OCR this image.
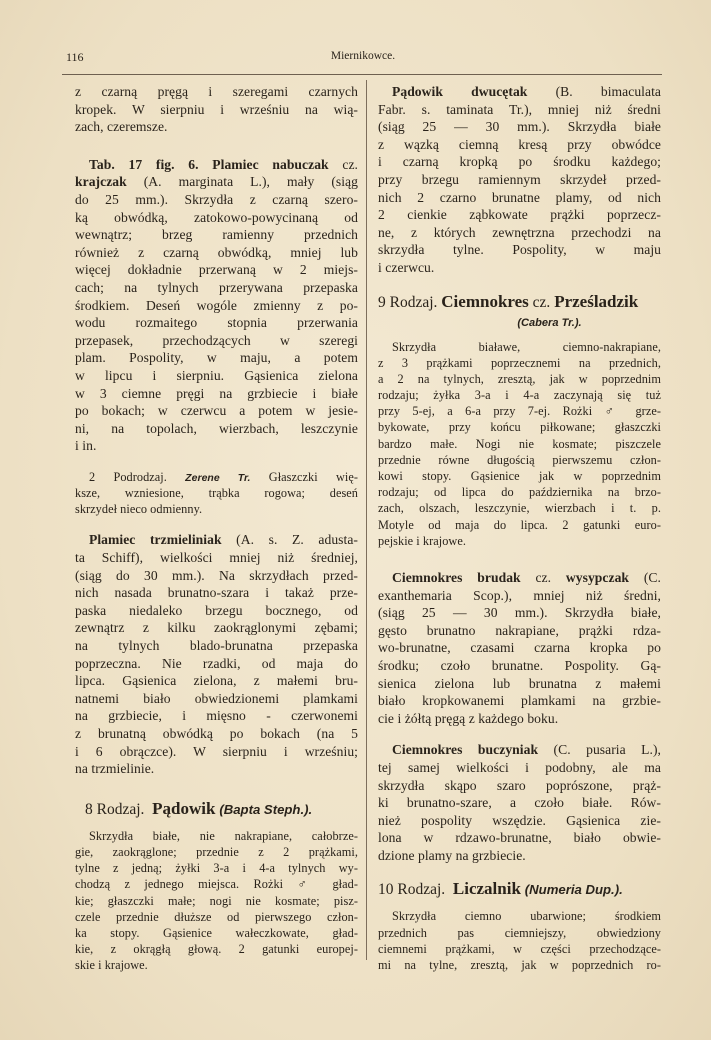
116	Miernikowce.
z czarną pręgą i szeregami czarnych
kropek. W sierpniu i wrześniu na wią-
zach, czeremsze.
Tab. 17 fig. 6. Plamiec nabuczak cz.
krajczak (A. marginata L.), mały (siąg
do 25 mm.). Skrzydła z czarną szero-
ką obwódką, zatokowo-powycinaną od
wewnątrz; brzeg ramienny przednich
również z czarną obwódką, mniej lub
więcej dokładnie przerwaną w 2 miejs-
cach; na tylnych przerywana przepaska
środkiem. Deseń wogóle zmienny z po-
wodu rozmaitego stopnia przerwania
przepasek, przechodzących w szeregi
plam. Pospolity, w maju, a potem
w lipcu i sierpniu. Gąsienica zielona
w 3 ciemne pręgi na grzbiecie i białe
po bokach; w czerwcu a potem w jesie-
ni, na topolach, wierzbach, leszczynie
i in.
2 Podrodzaj. Zerene Tr. Głaszczki wię-
ksze, wzniesione, trąbka rogowa; deseń
skrzydeł nieco odmienny.
Plamiec trzmieliniak (A. s. Z. adusta-
ta Schiff), wielkości mniej niż średniej,
(siąg do 30 mm.). Na skrzydłach przed-
nich nasada brunatno-szara i takaż prze-
paska niedaleko brzegu bocznego, od
zewnątrz z kilku zaokrąglonymi zębami;
na tylnych blado-brunatna przepaska
poprzeczna. Nie rzadki, od maja do
lipca. Gąsienica zielona, z małemi bru-
natnemi biało obwiedzionemi plamkami
na grzbiecie, i mięsno - czerwonemi
z brunatną obwódką po bokach (na 5
i 6 obrączce). W sierpniu i wrześniu;
na trzmielinie.
8 Rodzaj. Pądowik (Bapta Steph.).
Skrzydła białe, nie nakrapiane, całobrze-
gie, zaokrąglone; przednie z 2 prążkami,
tylne z jedną; żyłki 3-a i 4-a tylnych wy-
chodzą z jednego miejsca. Rożki ♂ gład-
kie; głaszczki małe; nogi nie kosmate; pisz-
czele przednie dłuższe od pierwszego człon-
ka stopy. Gąsienice wałeczkowate, gład-
kie, z okrągłą głową. 2 gatunki europej-
skie i krajowe.
Pądowik dwucętak (B. bimaculata
Fabr. s. taminata Tr.), mniej niż średni
(siąg 25 — 30 mm.). Skrzydła białe
z wązką ciemną kresą przy obwódce
i czarną kropką po środku każdego;
przy brzegu ramiennym skrzydeł przed-
nich 2 czarno brunatne plamy, od nich
2 cienkie ząbkowate prążki poprzecz-
ne, z których zewnętrzna przechodzi na
skrzydła tylne. Pospolity, w maju
i czerwcu.
9 Rodzaj. Ciemnokres cz. Prześladzik
(Cabera Tr.).
Skrzydła białawe, ciemno-nakrapiane,
z 3 prążkami poprzecznemi na przednich,
a 2 na tylnych, zresztą, jak w poprzednim
rodzaju; żyłka 3-a i 4-a zaczynają się tuż
przy 5-ej, a 6-a przy 7-ej. Rożki ♂ grze-
bykowate, przy końcu piłkowane; głaszczki
bardzo małe. Nogi nie kosmate; piszczele
przednie równe długością pierwszemu człon-
kowi stopy. Gąsienice jak w poprzednim
rodzaju; od lipca do października na brzo-
zach, olszach, leszczynie, wierzbach i t. p.
Motyle od maja do lipca. 2 gatunki euro-
pejskie i krajowe.
Ciemnokres brudak cz. wysypczak (C.
exanthemaria Scop.), mniej niż średni,
(siąg 25 — 30 mm.). Skrzydła białe,
gęsto brunatno nakrapiane, prążki rdza-
wo-brunatne, czasami czarna kropka po
środku; czoło brunatne. Pospolity. Gą-
sienica zielona lub brunatna z małemi
biało kropkowanemi plamkami na grzbie-
cie i żółtą pręgą z każdego boku.
Ciemnokres buczyniak (C. pusaria L.),
tej samej wielkości i podobny, ale ma
skrzydła skąpo szaro poprószone, prąż-
ki brunatno-szare, a czoło białe. Rów-
nież pospolity wszędzie. Gąsienica zie-
lona w rdzawo-brunatne, biało obwie-
dzione plamy na grzbiecie.
10 Rodzaj. Liczalnik (Numeria Dup.).
Skrzydła ciemno ubarwione; środkiem
przednich pas ciemniejszy, obwiedziony
ciemnemi prążkami, w części przechodzące-
mi na tylne, zresztą, jak w poprzednich ro-
